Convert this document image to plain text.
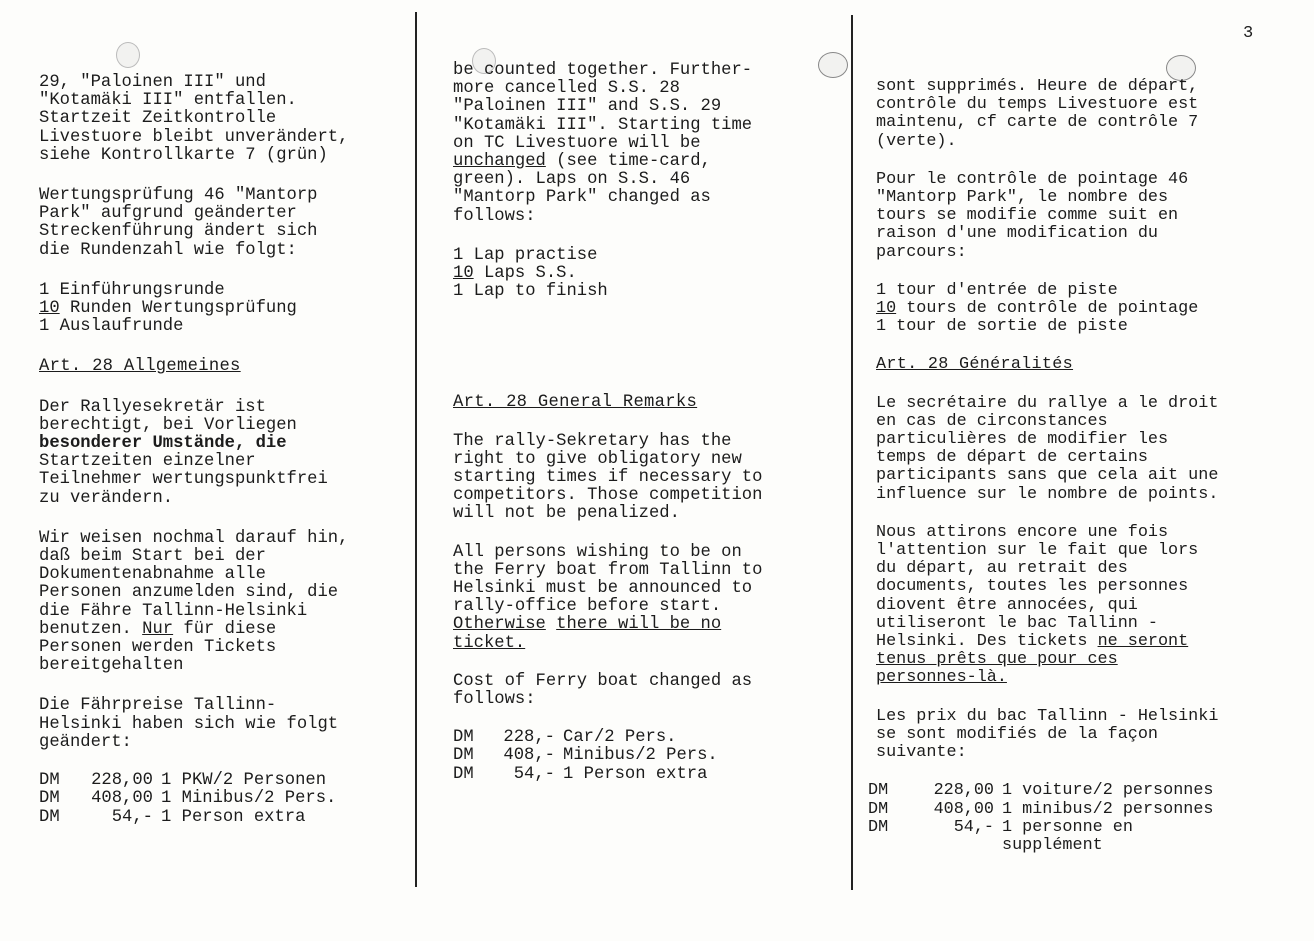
3
29, "Paloinen III" und
"Kotamäki III" entfallen.
Startzeit Zeitkontrolle
Livestuore bleibt unverändert,
siehe Kontrollkarte 7 (grün)
Wertungsprüfung 46 "Mantorp
Park" aufgrund geänderter
Streckenführung ändert sich
die Rundenzahl wie folgt:
1 Einführungsrunde
10 Runden Wertungsprüfung
1 Auslaufrunde
Art. 28 Allgemeines
Der Rallyesekretär ist
berechtigt, bei Vorliegen
besonderer Umstände, die
Startzeiten einzelner
Teilnehmer wertungspunktfrei
zu verändern.
Wir weisen nochmal darauf hin,
daß beim Start bei der
Dokumentenabnahme alle
Personen anzumelden sind, die
die Fähre Tallinn-Helsinki
benutzen. Nur für diese
Personen werden Tickets
bereitgehalten
Die Fährpreise Tallinn-
Helsinki haben sich wie folgt
geändert:
DM	228,00 1 PKW/2 Personen
DM	408,00 1 Minibus/2 Pers.
DM	54,- 1 Person extra
be counted together. Further-
more cancelled S.S. 28
"Paloinen III" and S.S. 29
"Kotamäki III". Starting time
on TC Livestuore will be
unchanged (see time-card,
green). Laps on S.S. 46
"Mantorp Park" changed as
follows:
1 Lap practise
10 Laps S.S.
1 Lap to finish
Art. 28 General Remarks
The rally-Sekretary has the
right to give obligatory new
starting times if necessary to
competitors. Those competition
will not be penalized.
All persons wishing to be on
the Ferry boat from Tallinn to
Helsinki must be announced to
rally-office before start.
Otherwise there will be no
ticket.
Cost of Ferry boat changed as
follows:
DM	228,- Car/2 Pers.
DM	408,- Minibus/2 Pers.
DM	54,- 1 Person extra
sont supprimés. Heure de départ,
contrôle du temps Livestuore est
maintenu, cf carte de contrôle 7
(verte).
Pour le contrôle de pointage 46
"Mantorp Park", le nombre des
tours se modifie comme suit en
raison d'une modification du
parcours:
1 tour d'entrée de piste
10 tours de contrôle de pointage
1 tour de sortie de piste
Art. 28 Généralités
Le secrétaire du rallye a le droit
en cas de circonstances
particulières de modifier les
temps de départ de certains
participants sans que cela ait une
influence sur le nombre de points.
Nous attirons encore une fois
l'attention sur le fait que lors
du départ, au retrait des
documents, toutes les personnes
diovent être annocées, qui
utiliseront le bac Tallinn -
Helsinki. Des tickets ne seront
tenus prêts que pour ces
personnes-là.
Les prix du bac Tallinn - Helsinki
se sont modifiés de la façon
suivante:
DM	228,00 1 voiture/2 personnes
DM	408,00 1 minibus/2 personnes
DM	54,- 1 personne en
supplément
